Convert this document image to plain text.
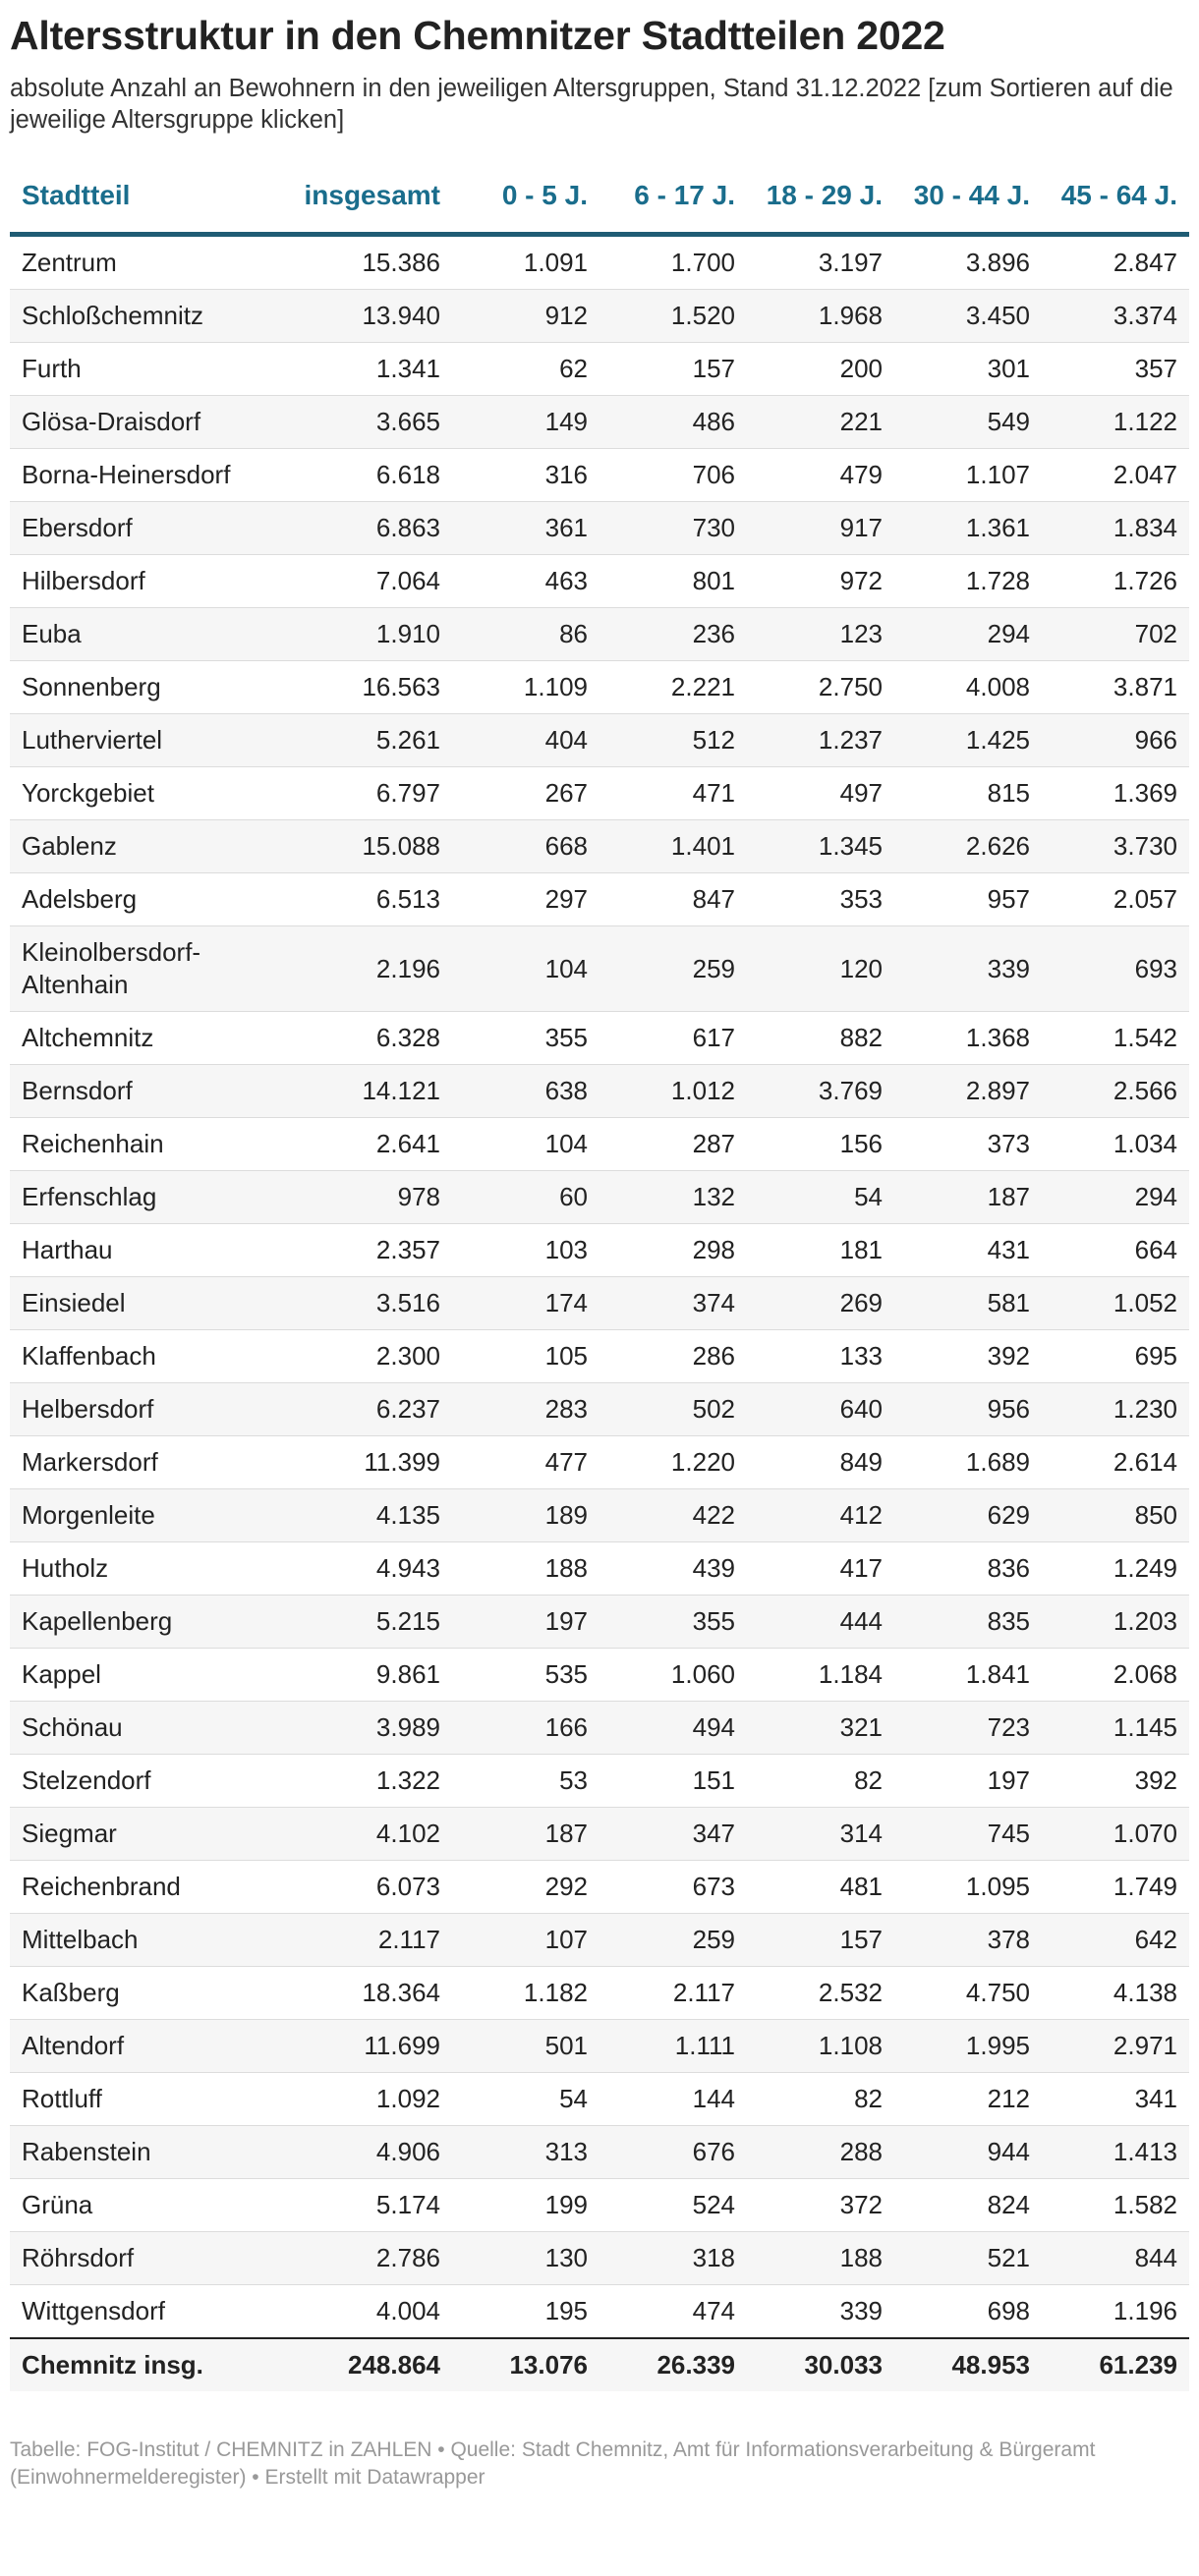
Altersstruktur in den Chemnitzer Stadtteilen 2022

absolute Anzahl an Bewohnern in den jeweiligen Altersgruppen, Stand 31.12.2022 [zum Sortieren auf die jeweilige Altersgruppe klicken]

Stadtteil	insgesamt	0 - 5 J.	6 - 17 J.	18 - 29 J.	30 - 44 J.	45 - 64 J.
Zentrum	15.386	1.091	1.700	3.197	3.896	2.847
Schloßchemnitz	13.940	912	1.520	1.968	3.450	3.374
Furth	1.341	62	157	200	301	357
Glösa-Draisdorf	3.665	149	486	221	549	1.122
Borna-Heinersdorf	6.618	316	706	479	1.107	2.047
Ebersdorf	6.863	361	730	917	1.361	1.834
Hilbersdorf	7.064	463	801	972	1.728	1.726
Euba	1.910	86	236	123	294	702
Sonnenberg	16.563	1.109	2.221	2.750	4.008	3.871
Lutherviertel	5.261	404	512	1.237	1.425	966
Yorckgebiet	6.797	267	471	497	815	1.369
Gablenz	15.088	668	1.401	1.345	2.626	3.730
Adelsberg	6.513	297	847	353	957	2.057
Kleinolbersdorf-Altenhain	2.196	104	259	120	339	693
Altchemnitz	6.328	355	617	882	1.368	1.542
Bernsdorf	14.121	638	1.012	3.769	2.897	2.566
Reichenhain	2.641	104	287	156	373	1.034
Erfenschlag	978	60	132	54	187	294
Harthau	2.357	103	298	181	431	664
Einsiedel	3.516	174	374	269	581	1.052
Klaffenbach	2.300	105	286	133	392	695
Helbersdorf	6.237	283	502	640	956	1.230
Markersdorf	11.399	477	1.220	849	1.689	2.614
Morgenleite	4.135	189	422	412	629	850
Hutholz	4.943	188	439	417	836	1.249
Kapellenberg	5.215	197	355	444	835	1.203
Kappel	9.861	535	1.060	1.184	1.841	2.068
Schönau	3.989	166	494	321	723	1.145
Stelzendorf	1.322	53	151	82	197	392
Siegmar	4.102	187	347	314	745	1.070
Reichenbrand	6.073	292	673	481	1.095	1.749
Mittelbach	2.117	107	259	157	378	642
Kaßberg	18.364	1.182	2.117	2.532	4.750	4.138
Altendorf	11.699	501	1.111	1.108	1.995	2.971
Rottluff	1.092	54	144	82	212	341
Rabenstein	4.906	313	676	288	944	1.413
Grüna	5.174	199	524	372	824	1.582
Röhrsdorf	2.786	130	318	188	521	844
Wittgensdorf	4.004	195	474	339	698	1.196
Chemnitz insg.	248.864	13.076	26.339	30.033	48.953	61.239
Tabelle: FOG-Institut / CHEMNITZ in ZAHLEN • Quelle: Stadt Chemnitz, Amt für Informationsverarbeitung & Bürgeramt (Einwohnermelderegister) • Erstellt mit Datawrapper
